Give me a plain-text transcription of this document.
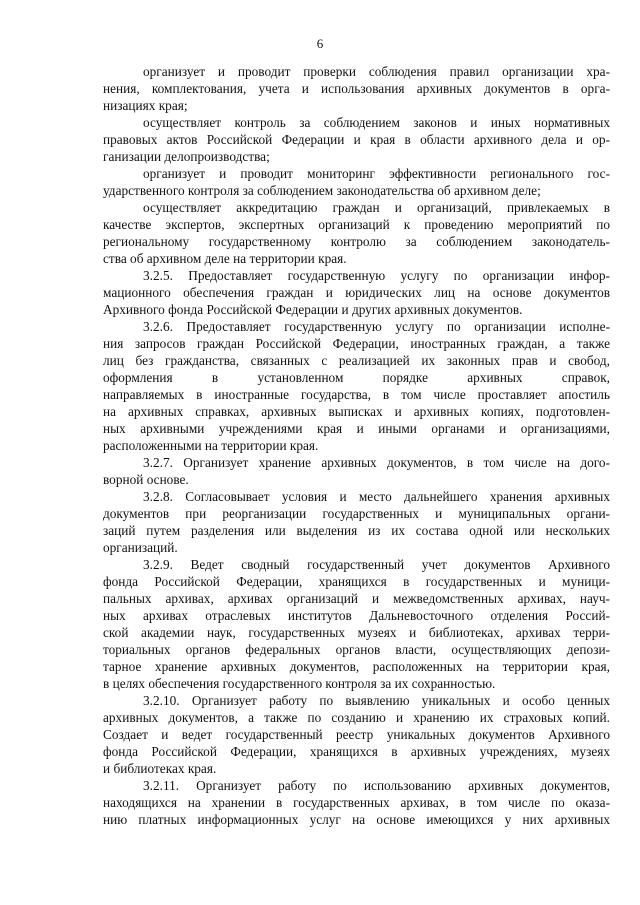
6
организует и проводит проверки соблюдения правил организации хра-
нения, комплектования, учета и использования архивных документов в орга-
низациях края;
осуществляет контроль за соблюдением законов и иных нормативных
правовых актов Российской Федерации и края в области архивного дела и ор-
ганизации делопроизводства;
организует и проводит мониторинг эффективности регионального гос-
ударственного контроля за соблюдением законодательства об архивном деле;
осуществляет аккредитацию граждан и организаций, привлекаемых в
качестве экспертов, экспертных организаций к проведению мероприятий по
региональному государственному контролю за соблюдением законодатель-
ства об архивном деле на территории края.
3.2.5. Предоставляет государственную услугу по организации инфор-
мационного обеспечения граждан и юридических лиц на основе документов
Архивного фонда Российской Федерации и других архивных документов.
3.2.6. Предоставляет государственную услугу по организации исполне-
ния запросов граждан Российской Федерации, иностранных граждан, а также
лиц без гражданства, связанных с реализацией их законных прав и свобод,
оформления в установленном порядке архивных справок,
направляемых в иностранные государства, в том числе проставляет апостиль
на архивных справках, архивных выписках и архивных копиях, подготовлен-
ных архивными учреждениями края и иными органами и организациями,
расположенными на территории края.
3.2.7. Организует хранение архивных документов, в том числе на дого-
ворной основе.
3.2.8. Согласовывает условия и место дальнейшего хранения архивных
документов при реорганизации государственных и муниципальных органи-
заций путем разделения или выделения из их состава одной или нескольких
организаций.
3.2.9. Ведет сводный государственный учет документов Архивного
фонда Российской Федерации, хранящихся в государственных и муници-
пальных архивах, архивах организаций и межведомственных архивах, науч-
ных архивах отраслевых институтов Дальневосточного отделения Россий-
ской академии наук, государственных музеях и библиотеках, архивах терри-
ториальных органов федеральных органов власти, осуществляющих депози-
тарное хранение архивных документов, расположенных на территории края,
в целях обеспечения государственного контроля за их сохранностью.
3.2.10. Организует работу по выявлению уникальных и особо ценных
архивных документов, а также по созданию и хранению их страховых копий.
Создает и ведет государственный реестр уникальных документов Архивного
фонда Российской Федерации, хранящихся в архивных учреждениях, музеях
и библиотеках края.
3.2.11. Организует работу по использованию архивных документов,
находящихся на хранении в государственных архивах, в том числе по оказа-
нию платных информационных услуг на основе имеющихся у них архивных
